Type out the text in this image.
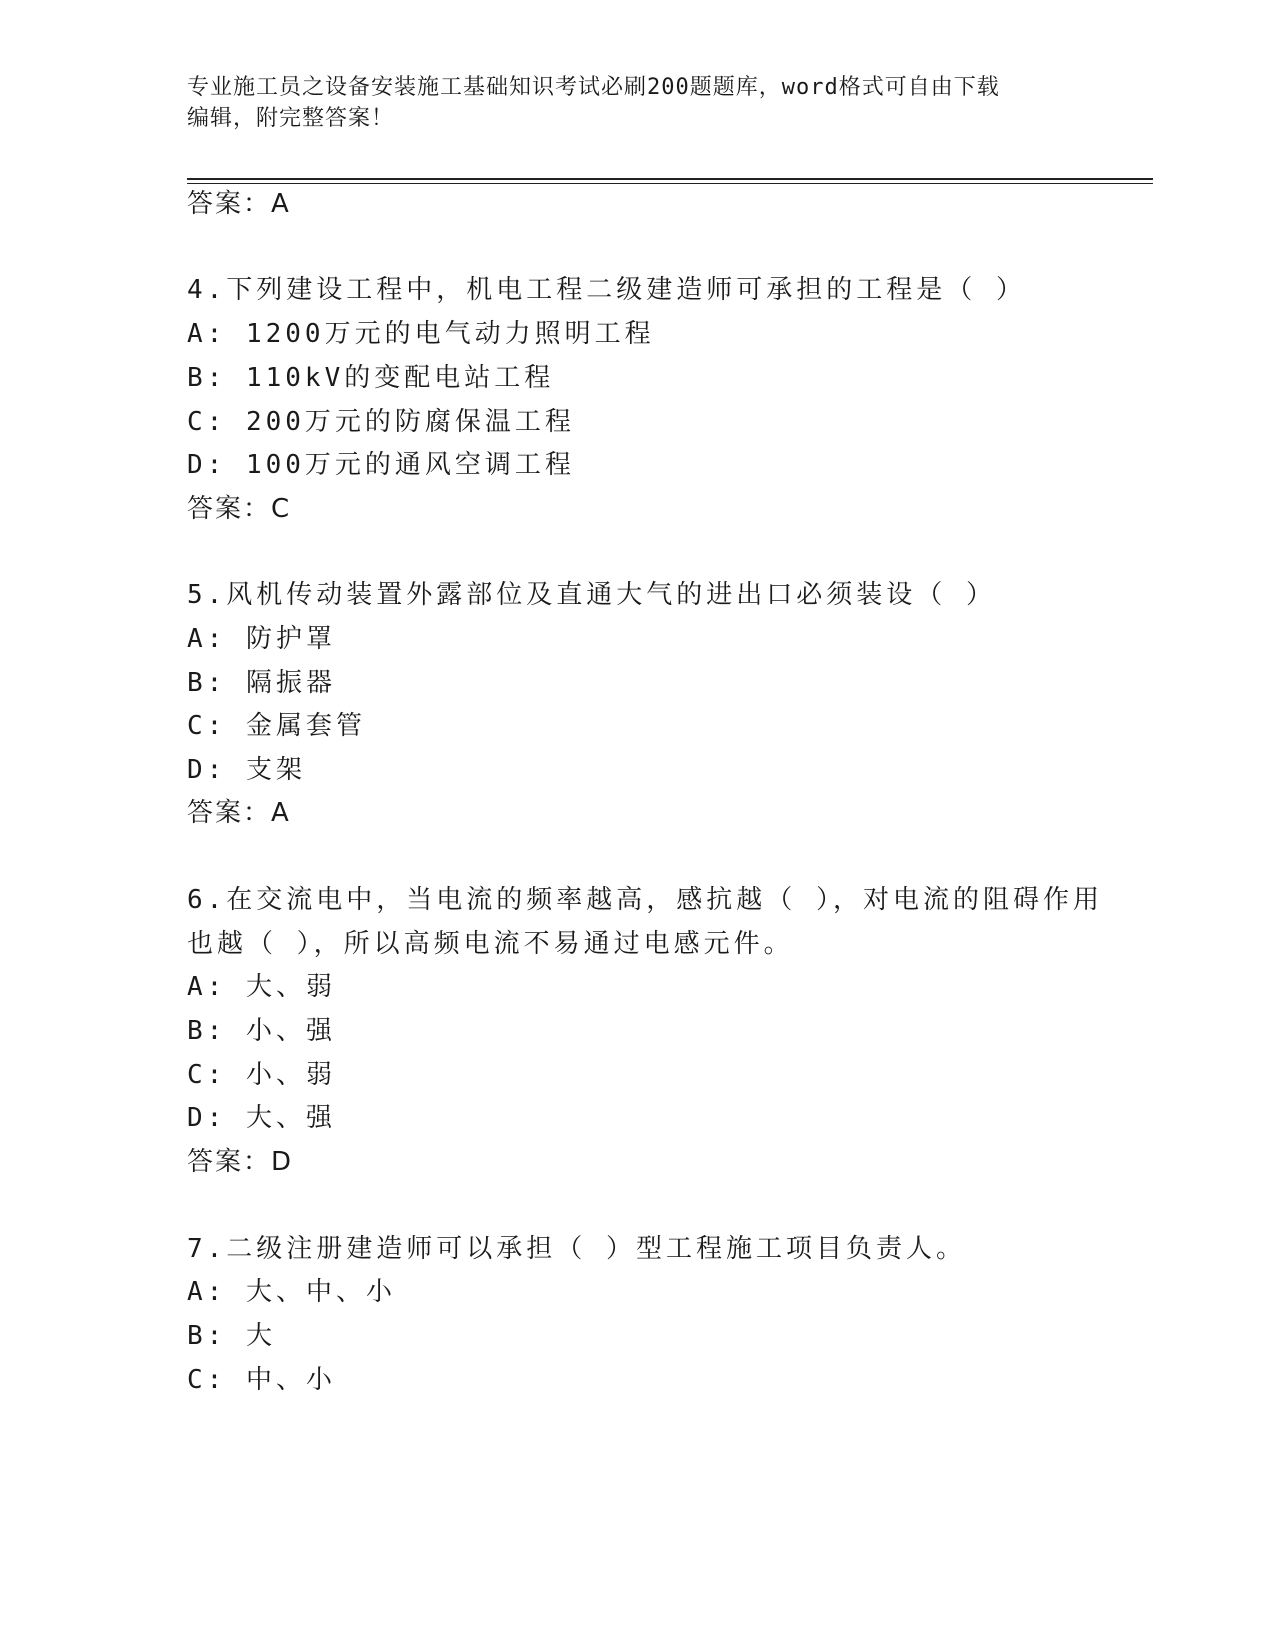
专业施工员之设备安装施工基础知识考试必刷200题题库，word格式可自由下载
编辑，附完整答案！
答案：A
4.下列建设工程中，机电工程二级建造师可承担的工程是（ ）
A: 1200万元的电气动力照明工程
B: 110kV的变配电站工程
C: 200万元的防腐保温工程
D: 100万元的通风空调工程
答案：C
5.风机传动装置外露部位及直通大气的进出口必须装设（ ）
A: 防护罩
B: 隔振器
C: 金属套管
D: 支架
答案：A
6.在交流电中，当电流的频率越高，感抗越（ ），对电流的阻碍作用
也越（ ），所以高频电流不易通过电感元件。
A: 大、弱
B: 小、强
C: 小、弱
D: 大、强
答案：D
7.二级注册建造师可以承担（ ）型工程施工项目负责人。
A: 大、中、小
B: 大
C: 中、小
